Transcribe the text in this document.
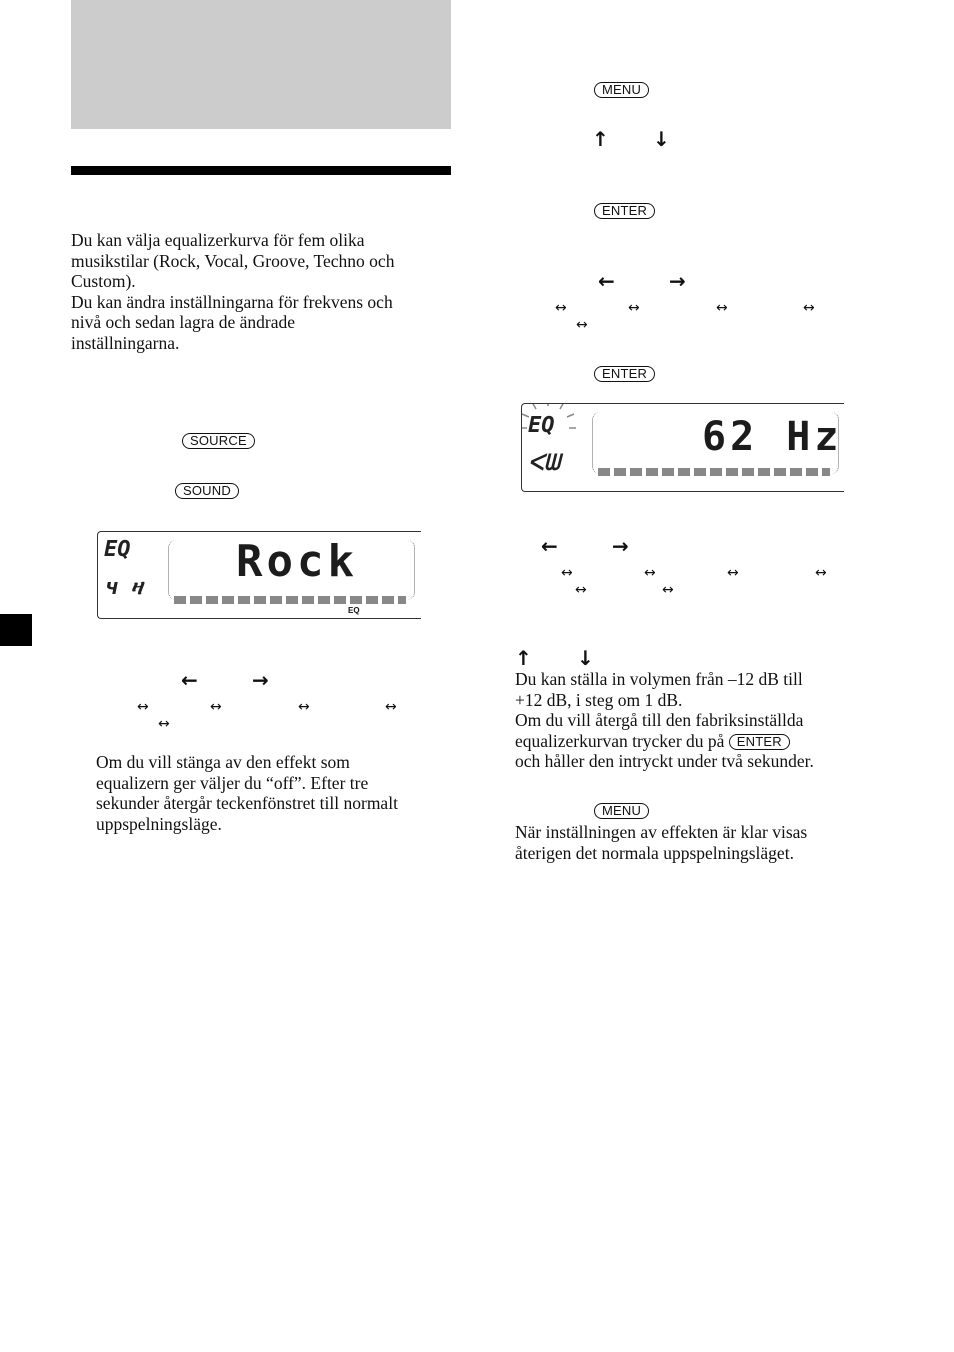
Du kan välja equalizerkurva för fem olika

musikstilar (Rock, Vocal, Groove, Techno och

Custom).

Du kan ändra inställningarna för frekvens och

nivå och sedan lagra de ändrade

inställningarna.

SOURCE
SOUND
EQ
ч ዛ
Rock
EQ
←	→
↔	↔	↔	↔
↔

Om du vill stänga av den effekt som

equalizern ger väljer du “off”. Efter tre

sekunder återgår teckenfönstret till normalt

uppspelningsläge.

MENU
↑ ↓
ENTER
←	→
↔	↔	↔	↔
↔
ENTER
EQ
ᐸᗯ
62 Hz
←	→
↔	↔	↔	↔
↔	↔
↑ ↓

Du kan ställa in volymen från –12 dB till

+12 dB, i steg om 1 dB.

Om du vill återgå till den fabriksinställda

equalizerkurvan trycker du på ENTER

och håller den intryckt under två sekunder.

MENU

När inställningen av effekten är klar visas

återigen det normala uppspelningsläget.
